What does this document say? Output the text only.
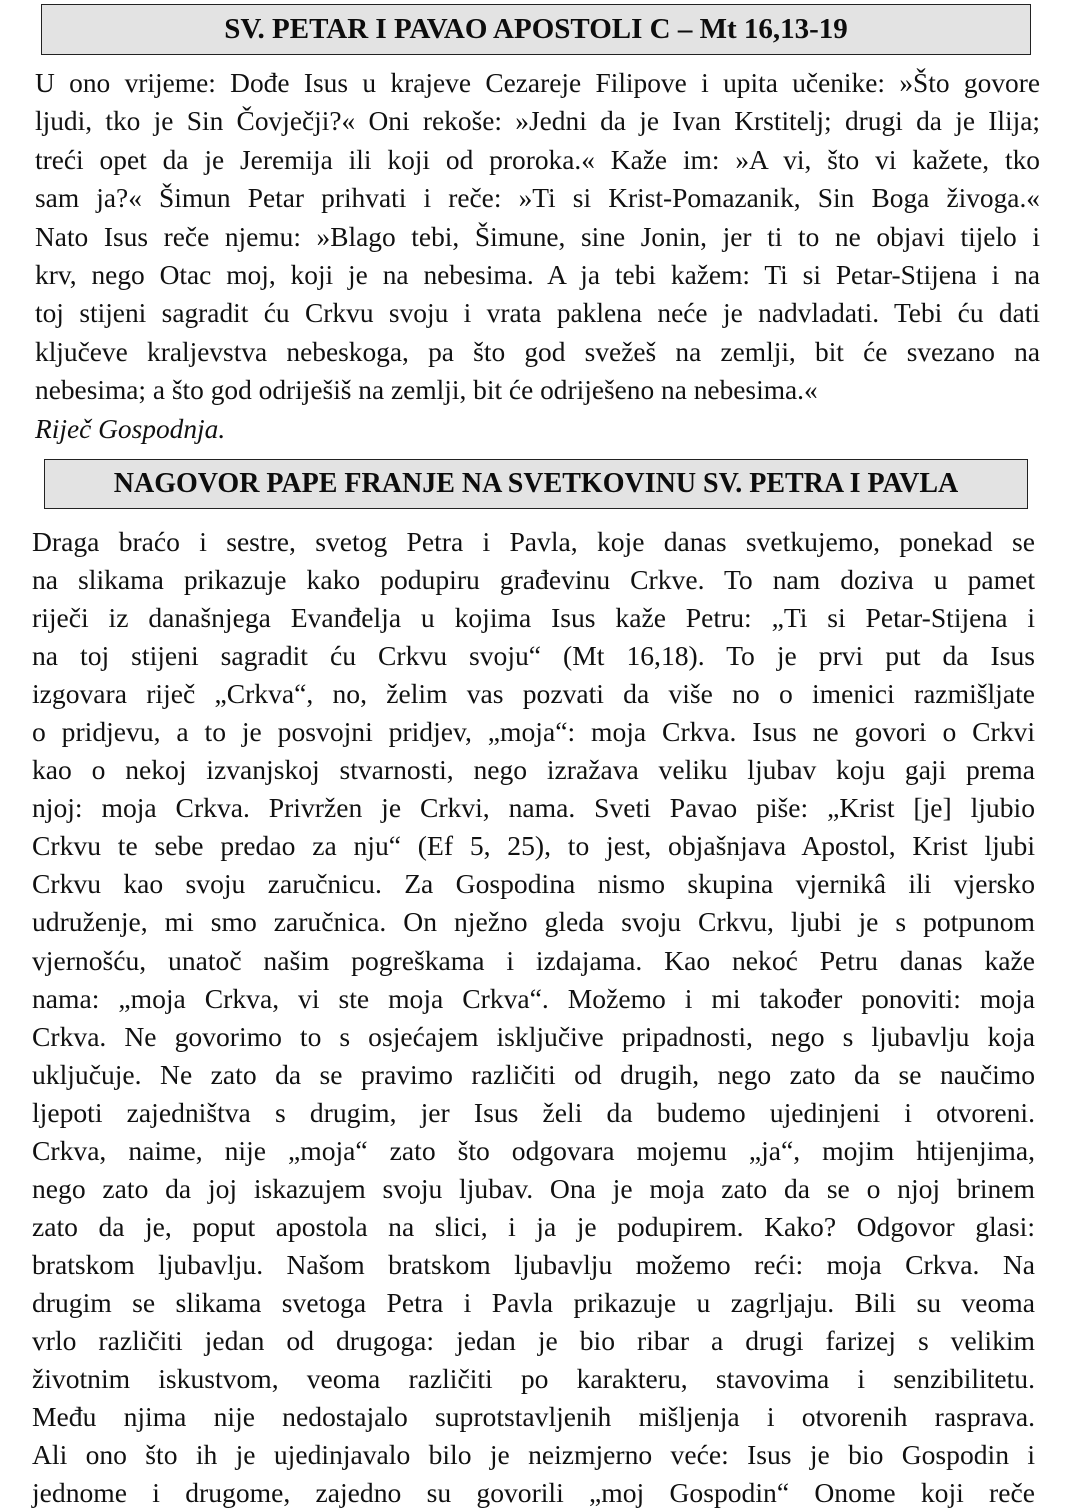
SV. PETAR I PAVAO APOSTOLI C – Mt 16,13-19
U ono vrijeme: Dođe Isus u krajeve Cezareje Filipove i upita učenike: »Što govore
ljudi, tko je Sin Čovječji?« Oni rekoše: »Jedni da je Ivan Krstitelj; drugi da je Ilija;
treći opet da je Jeremija ili koji od proroka.« Kaže im: »A vi, što vi kažete, tko
sam ja?« Šimun Petar prihvati i reče: »Ti si Krist-Pomazanik, Sin Boga živoga.«
Nato Isus reče njemu: »Blago tebi, Šimune, sine Jonin, jer ti to ne objavi tijelo i
krv, nego Otac moj, koji je na nebesima. A ja tebi kažem: Ti si Petar-Stijena i na
toj stijeni sagradit ću Crkvu svoju i vrata paklena neće je nadvladati. Tebi ću dati
ključeve kraljevstva nebeskoga, pa što god svežeš na zemlji, bit će svezano na
nebesima; a što god odriješiš na zemlji, bit će odriješeno na nebesima.«
Riječ Gospodnja.
NAGOVOR PAPE FRANJE NA SVETKOVINU SV. PETRA I PAVLA
Draga braćo i sestre, svetog Petra i Pavla, koje danas svetkujemo, ponekad se
na slikama prikazuje kako podupiru građevinu Crkve. To nam doziva u pamet
riječi iz današnjega Evanđelja u kojima Isus kaže Petru: „Ti si Petar-Stijena i
na toj stijeni sagradit ću Crkvu svoju“ (Mt 16,18). To je prvi put da Isus
izgovara riječ „Crkva“, no, želim vas pozvati da više no o imenici razmišljate
o pridjevu, a to je posvojni pridjev, „moja“: moja Crkva. Isus ne govori o Crkvi
kao o nekoj izvanjskoj stvarnosti, nego izražava veliku ljubav koju gaji prema
njoj: moja Crkva. Privržen je Crkvi, nama. Sveti Pavao piše: „Krist [je] ljubio
Crkvu te sebe predao za nju“ (Ef 5, 25), to jest, objašnjava Apostol, Krist ljubi
Crkvu kao svoju zaručnicu. Za Gospodina nismo skupina vjernikâ ili vjersko
udruženje, mi smo zaručnica. On nježno gleda svoju Crkvu, ljubi je s potpunom
vjernošću, unatoč našim pogreškama i izdajama. Kao nekoć Petru danas kaže
nama: „moja Crkva, vi ste moja Crkva“. Možemo i mi također ponoviti: moja
Crkva. Ne govorimo to s osjećajem isključive pripadnosti, nego s ljubavlju koja
uključuje. Ne zato da se pravimo različiti od drugih, nego zato da se naučimo
ljepoti zajedništva s drugim, jer Isus želi da budemo ujedinjeni i otvoreni.
Crkva, naime, nije „moja“ zato što odgovara mojemu „ja“, mojim htijenjima,
nego zato da joj iskazujem svoju ljubav. Ona je moja zato da se o njoj brinem
zato da je, poput apostola na slici, i ja je podupirem. Kako? Odgovor glasi:
bratskom ljubavlju. Našom bratskom ljubavlju možemo reći: moja Crkva. Na
drugim se slikama svetoga Petra i Pavla prikazuje u zagrljaju. Bili su veoma
vrlo različiti jedan od drugoga: jedan je bio ribar a drugi farizej s velikim
životnim iskustvom, veoma različiti po karakteru, stavovima i senzibilitetu.
Među njima nije nedostajalo suprotstavljenih mišljenja i otvorenih rasprava.
Ali ono što ih je ujedinjavalo bilo je neizmjerno veće: Isus je bio Gospodin i
jednome i drugome, zajedno su govorili „moj Gospodin“ Onome koji reče
